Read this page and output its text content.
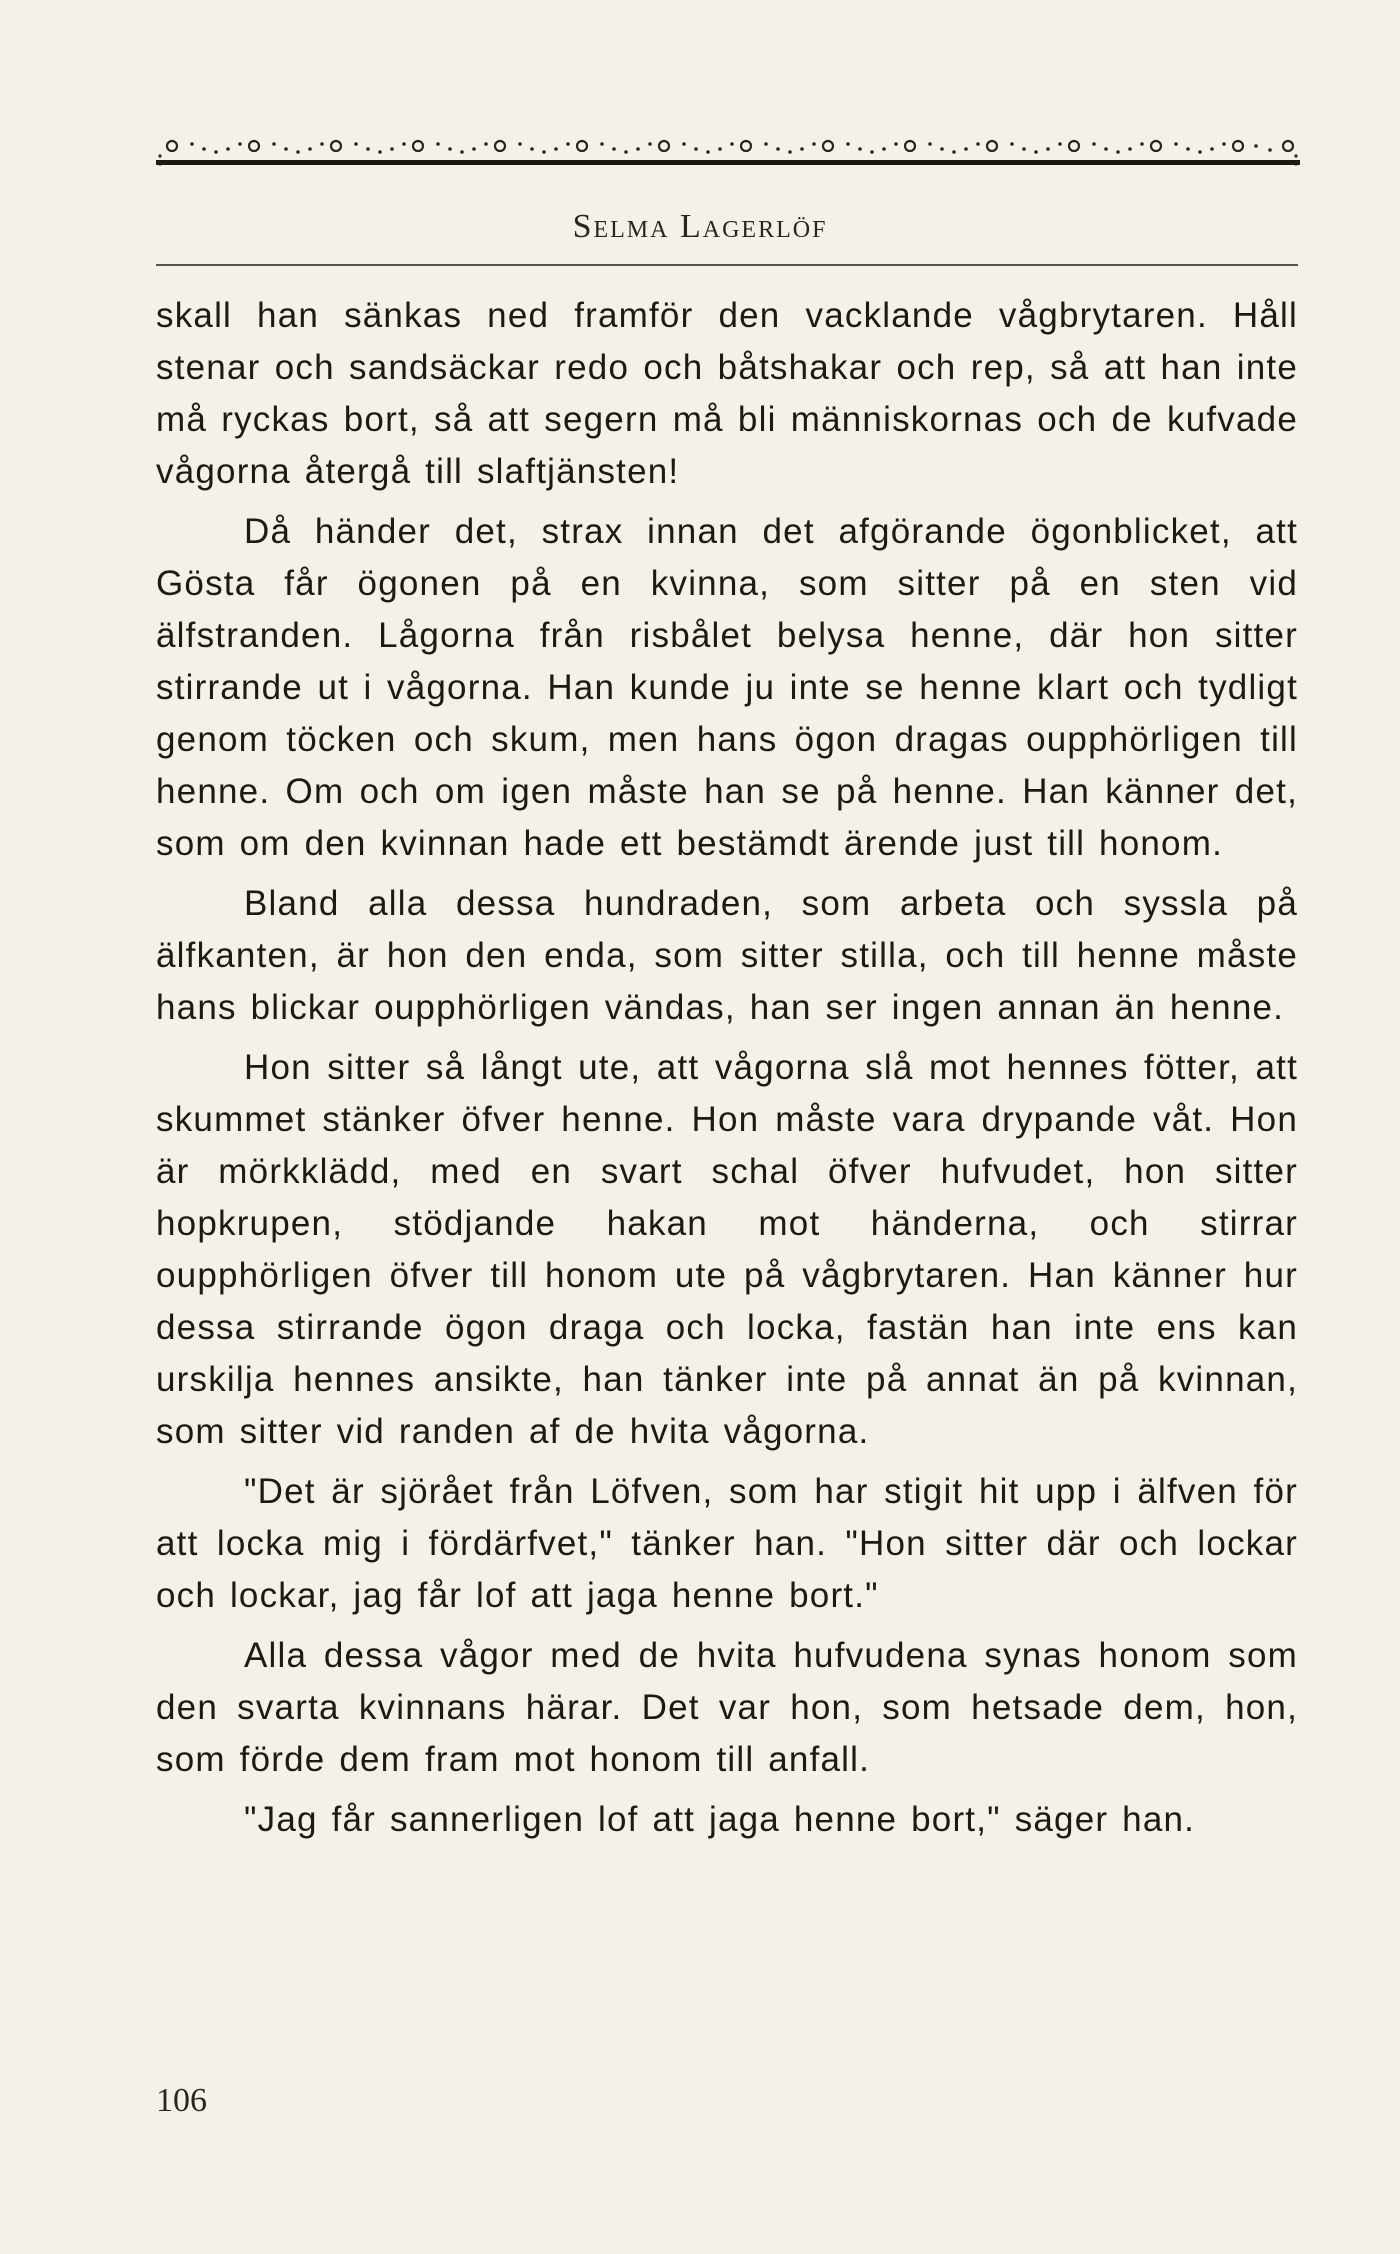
Selma Lagerlöf

skall han sänkas ned framför den vacklande vågbrytaren. Håll stenar och sandsäckar redo och båtshakar och rep, så att han inte må ryckas bort, så att segern må bli människornas och de kufvade vågorna återgå till slaftjänsten!

Då händer det, strax innan det afgörande ögonblicket, att Gösta får ögonen på en kvinna, som sitter på en sten vid älfstranden. Lågorna från risbålet belysa henne, där hon sitter stirrande ut i vågorna. Han kunde ju inte se henne klart och tydligt genom töcken och skum, men hans ögon dragas oupphörligen till henne. Om och om igen måste han se på henne. Han känner det, som om den kvinnan hade ett bestämdt ärende just till honom.

Bland alla dessa hundraden, som arbeta och syssla på älfkanten, är hon den enda, som sitter stilla, och till henne måste hans blickar oupphörligen vändas, han ser ingen annan än henne.

Hon sitter så långt ute, att vågorna slå mot hennes fötter, att skummet stänker öfver henne. Hon måste vara drypande våt. Hon är mörkklädd, med en svart schal öfver hufvudet, hon sitter hopkrupen, stödjande hakan mot händerna, och stirrar oupphörligen öfver till honom ute på vågbrytaren. Han känner hur dessa stirrande ögon draga och locka, fastän han inte ens kan urskilja hennes ansikte, han tänker inte på annat än på kvinnan, som sitter vid randen af de hvita vågorna.

"Det är sjörået från Löfven, som har stigit hit upp i älfven för att locka mig i fördärfvet," tänker han. "Hon sitter där och lockar och lockar, jag får lof att jaga henne bort."

Alla dessa vågor med de hvita hufvudena synas honom som den svarta kvinnans härar. Det var hon, som hetsade dem, hon, som förde dem fram mot honom till anfall.

"Jag får sannerligen lof att jaga henne bort," säger han.

106
